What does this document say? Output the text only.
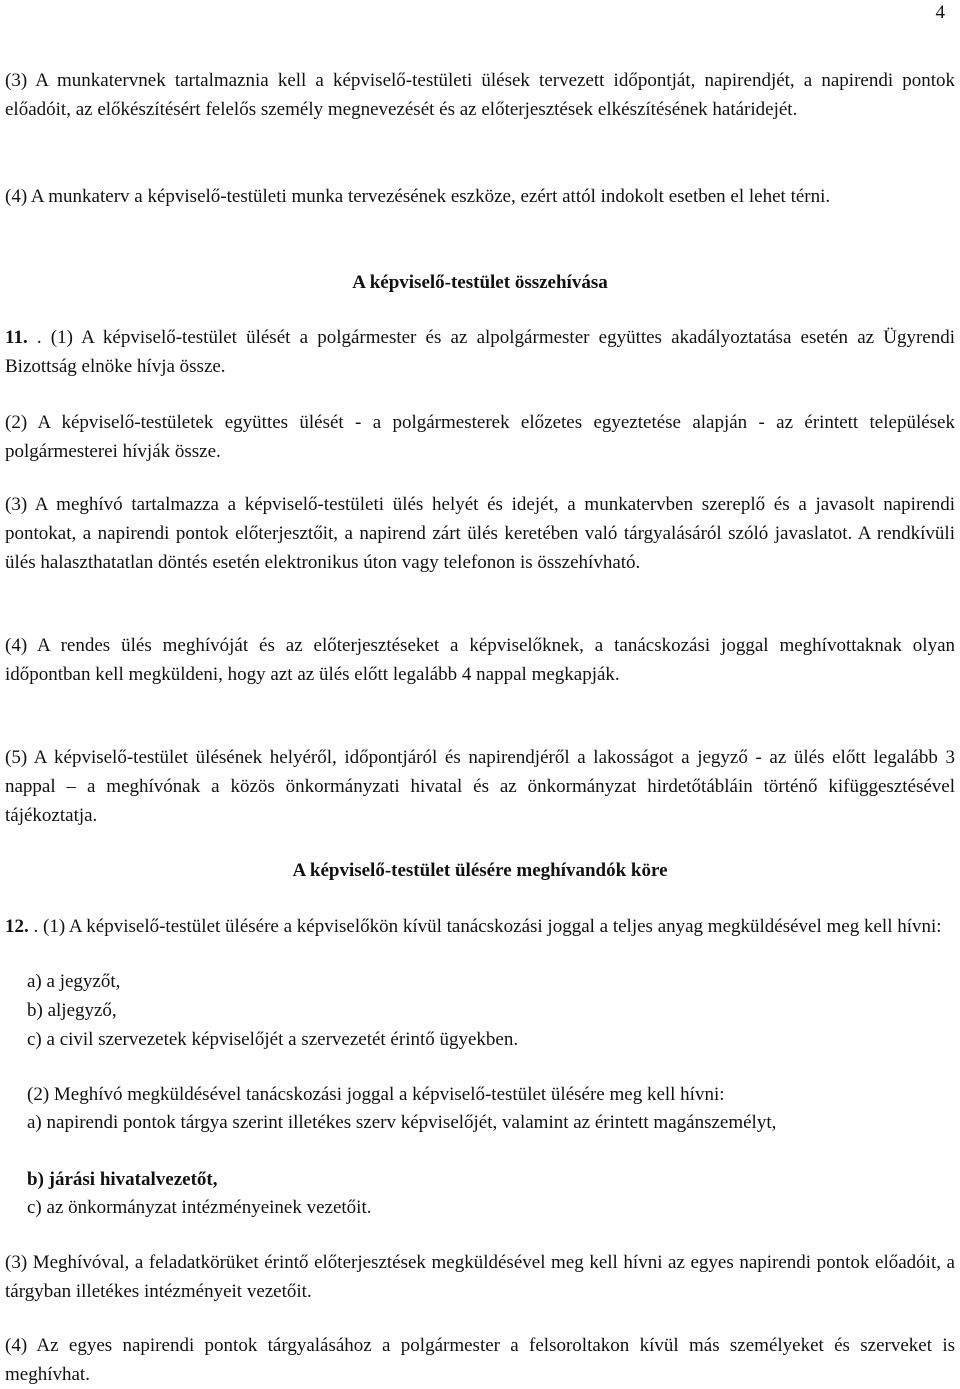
4
(3) A munkatervnek tartalmaznia kell a képviselő-testületi ülések tervezett időpontját, napirendjét, a napirendi pontok előadóit, az előkészítésért felelős személy megnevezését és az előterjesztések elkészítésének határidejét.
(4) A munkaterv a képviselő-testületi munka tervezésének eszköze, ezért attól indokolt esetben el lehet térni.
A képviselő-testület összehívása
11. . (1) A képviselő-testület ülését a polgármester és az alpolgármester együttes akadályoztatása esetén az Ügyrendi Bizottság elnöke hívja össze.
(2) A képviselő-testületek együttes ülését - a polgármesterek előzetes egyeztetése alapján - az érintett települések polgármesterei hívják össze.
(3) A meghívó tartalmazza a képviselő-testületi ülés helyét és idejét, a munkatervben szereplő és a javasolt napirendi pontokat, a napirendi pontok előterjesztőit, a napirend zárt ülés keretében való tárgyalásáról szóló javaslatot. A rendkívüli ülés halaszthatatlan döntés esetén elektronikus úton vagy telefonon is összehívható.
(4) A rendes ülés meghívóját és az előterjesztéseket a képviselőknek, a tanácskozási joggal meghívottaknak olyan időpontban kell megküldeni, hogy azt az ülés előtt legalább 4 nappal megkapják.
(5) A képviselő-testület ülésének helyéről, időpontjáról és napirendjéről a lakosságot a jegyző - az ülés előtt legalább 3 nappal – a meghívónak a közös önkormányzati hivatal és az önkormányzat hirdetőtábláin történő kifüggesztésével tájékoztatja.
A képviselő-testület ülésére meghívandók köre
12. . (1) A képviselő-testület ülésére a képviselőkön kívül tanácskozási joggal a teljes anyag megküldésével meg kell hívni:
a) a jegyzőt,
b) aljegyző,
c) a civil szervezetek képviselőjét a szervezetét érintő ügyekben.
(2) Meghívó megküldésével tanácskozási joggal a képviselő-testület ülésére meg kell hívni:
a) napirendi pontok tárgya szerint illetékes szerv képviselőjét, valamint az érintett magánszemélyt,
b) járási hivatalvezetőt,
c) az önkormányzat intézményeinek vezetőit.
(3) Meghívóval, a feladatkörüket érintő előterjesztések megküldésével meg kell hívni az egyes napirendi pontok előadóit, a tárgyban illetékes intézményeit vezetőit.
(4) Az egyes napirendi pontok tárgyalásához a polgármester a felsoroltakon kívül más személyeket és szerveket is meghívhat.
